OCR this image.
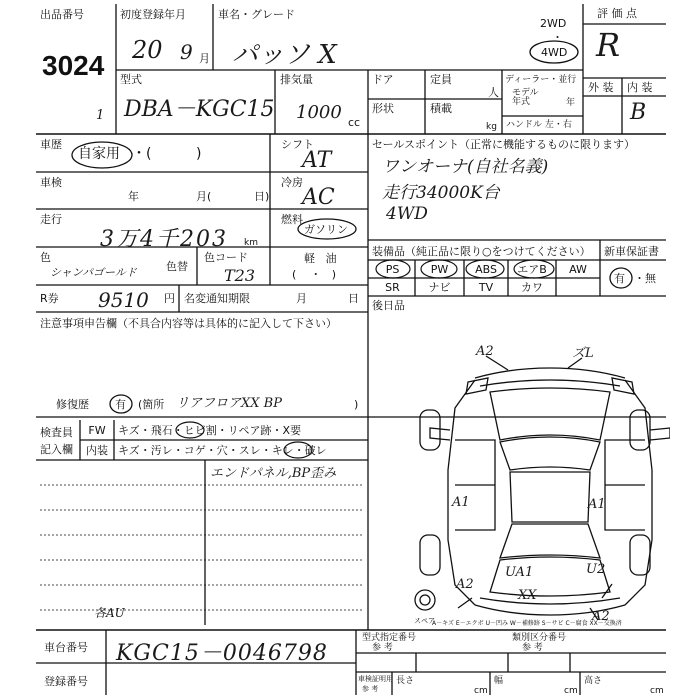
出品番号
3024
1
初度登録年月
20 9 月
車名・グレード
パッソ X
2WD
・
4WD
評 価 点
R
型式
DBA－KGC15
排気量
1000 cc
ドア	定員
人
形状	積載
kg
ディーラー・並行
モデル
年式	年
ハンドル 左・右
外 装 内 装
B
車歴
自家用 ・(          )
シフト
AT
車検
年	月(	日)
冷房
AC
走行
3万4千203 km
燃料
ガソリン
軽   油
(    ・   )
色
シャンパゴールド	色替
色コード
T23
R券 9510 円 名変通知期限	月	日
注意事項申告欄（不具合内容等は具体的に記入して下さい）
修復歴 有 (箇所 リアフロアXX BP	)
セールスポイント（正常に機能するものに限ります）
ワンオーナ(自社名義)
走行34000K台
4WD
装備品（純正品に限り○をつけてください） 新車保証書
PS	PW	ABS	エアB	AW
SR	ナビ	TV	カワ
有 ・無
後日品
A2	ズL
A1	A1
UA1
XX
U2
A2
A2
スペア
A－キズ E－エクボ U－凹み W－補修跡 S－サビ C－腐食 XX－交換済
検査員
記入欄
FW	キズ・飛石・ヒビ割・リペア跡・X要
内装 キズ・汚レ・コゲ・穴・スレ・キレ・破レ
エンドパネル,BP歪み
各AU
車台番号 KGC15－0046798
登録番号
型式指定番号
参 考
類別区分番号
参 考
車検証明用
参 考
長さ
cm
幅
cm
高さ
cm
